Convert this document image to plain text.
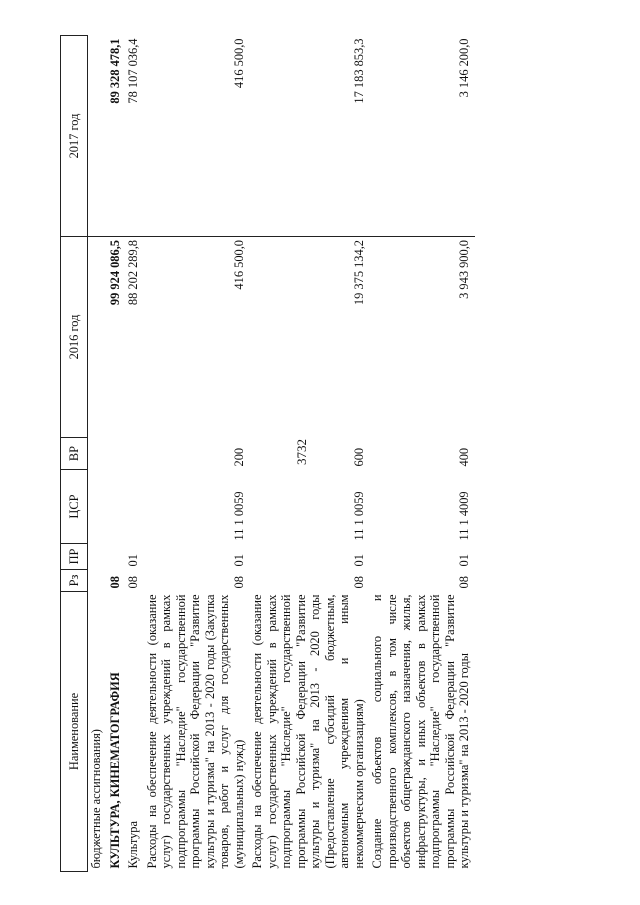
3732
Наименование	Рз	ПР	ЦСР	ВР	2016 год	2017 год
бюджетные ассигнования)						
КУЛЬТУРА, КИНЕМАТОГРАФИЯ	08				99 924 086,5	89 328 478,1
Культура	08	01			88 202 289,8	78 107 036,4
Расходы на обеспечение деятельности (оказание услуг) государственных учреждений в рамках подпрограммы "Наследие" государственной программы Российской Федерации "Развитие культуры и туризма" на 2013 - 2020 годы (Закупка товаров, работ и услуг для государственных (муниципальных) нужд)	08	01	11 1 0059	200	416 500,0	416 500,0
Расходы на обеспечение деятельности (оказание услуг) государственных учреждений в рамках подпрограммы "Наследие" государственной программы Российской Федерации "Развитие культуры и туризма" на 2013 - 2020 годы (Предоставление субсидий бюджетным, автономным учреждениям и иным некоммерческим организациям)	08	01	11 1 0059	600	19 375 134,2	17 183 853,3
Создание объектов социального и производственного комплексов, в том числе объектов общегражданского назначения, жилья, инфраструктуры, и иных объектов в рамках подпрограммы "Наследие" государственной программы Российской Федерации "Развитие культуры и туризма" на 2013 - 2020 годы	08	01	11 1 4009	400	3 943 900,0	3 146 200,0
